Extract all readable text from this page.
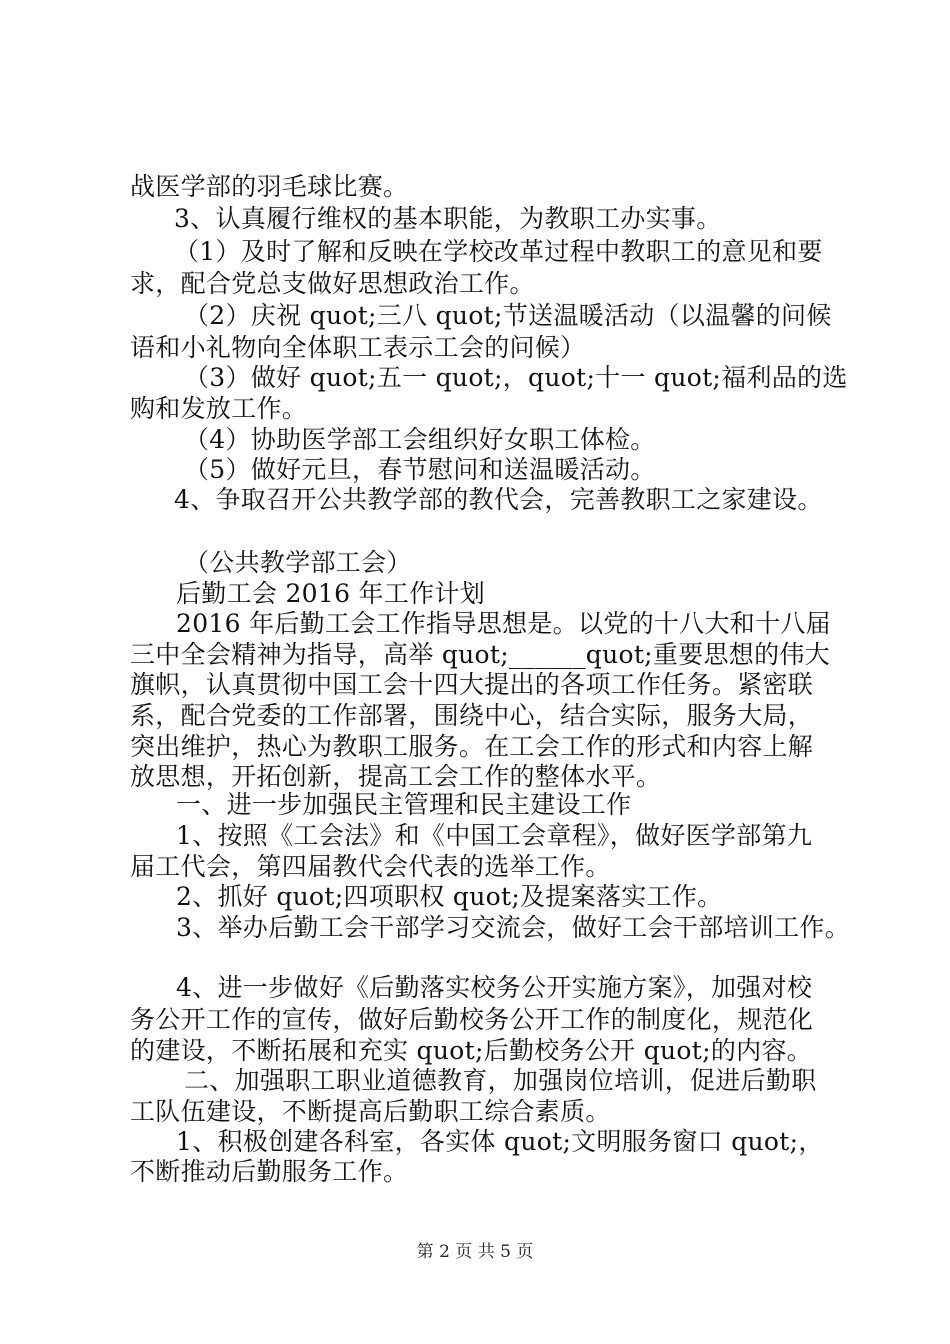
战医学部的羽毛球比赛。
3、认真履行维权的基本职能，为教职工办实事。
（1）及时了解和反映在学校改革过程中教职工的意见和要
求，配合党总支做好思想政治工作。
（2）庆祝 quot;三八 quot;节送温暖活动（以温馨的问候
语和小礼物向全体职工表示工会的问候）
（3）做好 quot;五一 quot;，quot;十一 quot;福利品的选
购和发放工作。
（4）协助医学部工会组织好女职工体检。
（5）做好元旦，春节慰问和送温暖活动。
4、争取召开公共教学部的教代会，完善教职工之家建设。
（公共教学部工会）
后勤工会 2016 年工作计划
2016 年后勤工会工作指导思想是。以党的十八大和十八届
三中全会精神为指导，高举 quot;______quot;重要思想的伟大
旗帜，认真贯彻中国工会十四大提出的各项工作任务。紧密联
系，配合党委的工作部署，围绕中心，结合实际，服务大局，
突出维护，热心为教职工服务。在工会工作的形式和内容上解
放思想，开拓创新，提高工会工作的整体水平。
一、进一步加强民主管理和民主建设工作
1、按照《工会法》和《中国工会章程》，做好医学部第九
届工代会，第四届教代会代表的选举工作。
2、抓好 quot;四项职权 quot;及提案落实工作。
3、举办后勤工会干部学习交流会，做好工会干部培训工作。
4、进一步做好《后勤落实校务公开实施方案》，加强对校
务公开工作的宣传，做好后勤校务公开工作的制度化，规范化
的建设，不断拓展和充实 quot;后勤校务公开 quot;的内容。
二、加强职工职业道德教育，加强岗位培训，促进后勤职
工队伍建设，不断提高后勤职工综合素质。
1、积极创建各科室，各实体 quot;文明服务窗口 quot;，
不断推动后勤服务工作。
第 2 页 共 5 页
